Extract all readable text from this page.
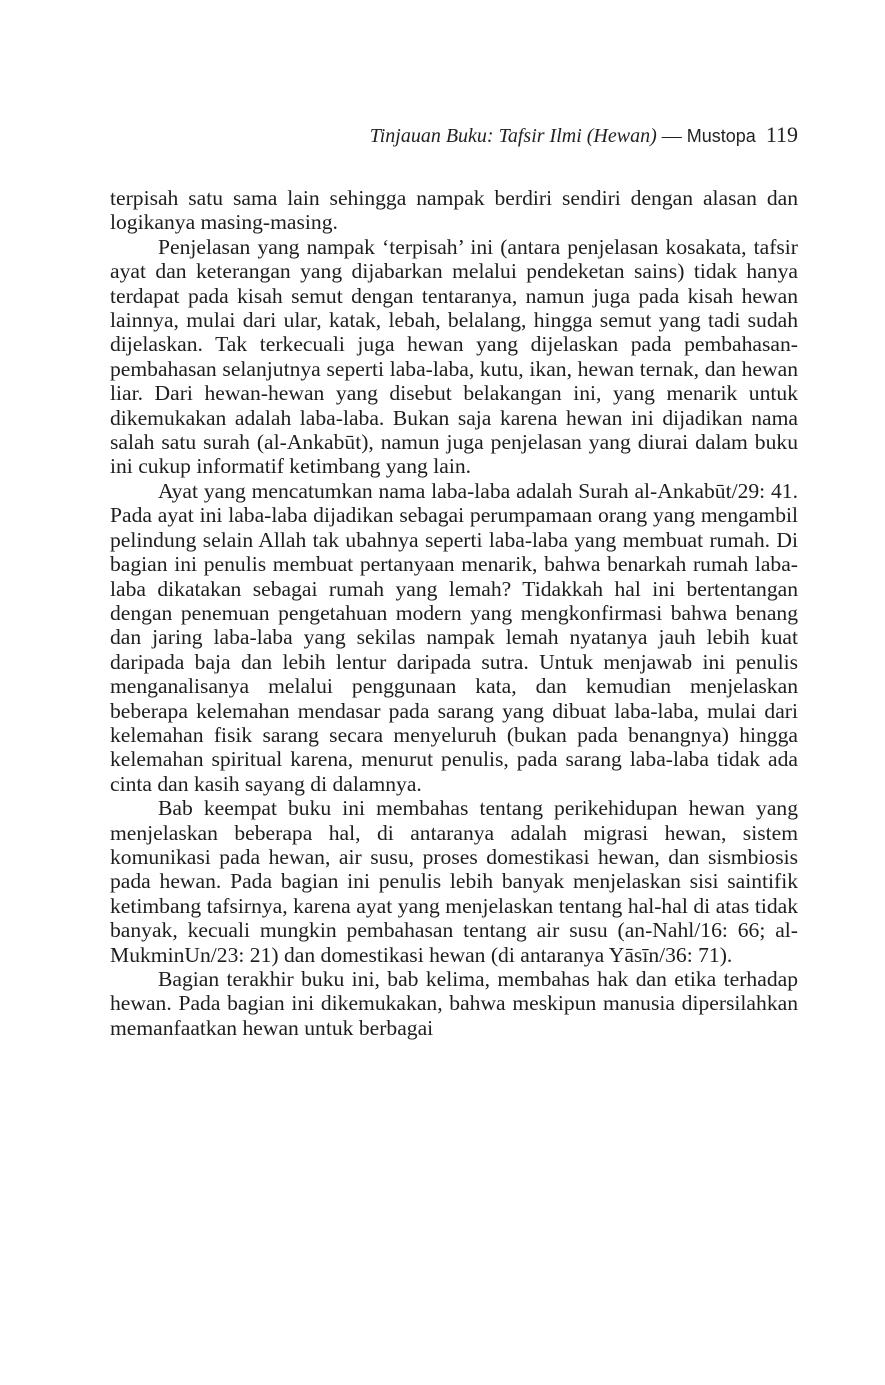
Tinjauan Buku: Tafsir Ilmi (Hewan) — Mustopa 119

terpisah satu sama lain sehingga nampak berdiri sendiri dengan alasan dan logikanya masing-masing.

Penjelasan yang nampak ‘terpisah’ ini (antara penjelasan kosakata, tafsir ayat dan keterangan yang dijabarkan melalui pendeketan sains) tidak hanya terdapat pada kisah semut dengan tentaranya, namun juga pada kisah hewan lainnya, mulai dari ular, katak, lebah, belalang, hingga semut yang tadi sudah dijelaskan. Tak terkecuali juga hewan yang dijelaskan pada pembahasan-pembahasan selanjutnya seperti laba-laba, kutu, ikan, hewan ternak, dan hewan liar. Dari hewan-hewan yang disebut belakangan ini, yang menarik untuk dikemukakan adalah laba-laba. Bukan saja karena hewan ini dijadikan nama salah satu surah (al-Ankabūt), namun juga penjelasan yang diurai dalam buku ini cukup informatif ketimbang yang lain.

Ayat yang mencatumkan nama laba-laba adalah Surah al-Ankabūt/29: 41. Pada ayat ini laba-laba dijadikan sebagai perumpamaan orang yang mengambil pelindung selain Allah tak ubahnya seperti laba-laba yang membuat rumah. Di bagian ini penulis membuat pertanyaan menarik, bahwa benarkah rumah laba-laba dikatakan sebagai rumah yang lemah? Tidakkah hal ini bertentangan dengan penemuan pengetahuan modern yang mengkonfirmasi bahwa benang dan jaring laba-laba yang sekilas nampak lemah nyatanya jauh lebih kuat daripada baja dan lebih lentur daripada sutra. Untuk menjawab ini penulis menganalisanya melalui penggunaan kata, dan kemudian menjelaskan beberapa kelemahan mendasar pada sarang yang dibuat laba-laba, mulai dari kelemahan fisik sarang secara menyeluruh (bukan pada benangnya) hingga kelemahan spiritual karena, menurut penulis, pada sarang laba-laba tidak ada cinta dan kasih sayang di dalamnya.

Bab keempat buku ini membahas tentang perikehidupan hewan yang menjelaskan beberapa hal, di antaranya adalah migrasi hewan, sistem komunikasi pada hewan, air susu, proses domestikasi hewan, dan sismbiosis pada hewan. Pada bagian ini penulis lebih banyak menjelaskan sisi saintifik ketimbang tafsirnya, karena ayat yang menjelaskan tentang hal-hal di atas tidak banyak, kecuali mungkin pembahasan tentang air susu (an-Nahl/16: 66; al-MukminUn/23: 21) dan domestikasi hewan (di antaranya Yāsīn/36: 71).

Bagian terakhir buku ini, bab kelima, membahas hak dan etika terhadap hewan. Pada bagian ini dikemukakan, bahwa meskipun manusia dipersilahkan memanfaatkan hewan untuk berbagai
